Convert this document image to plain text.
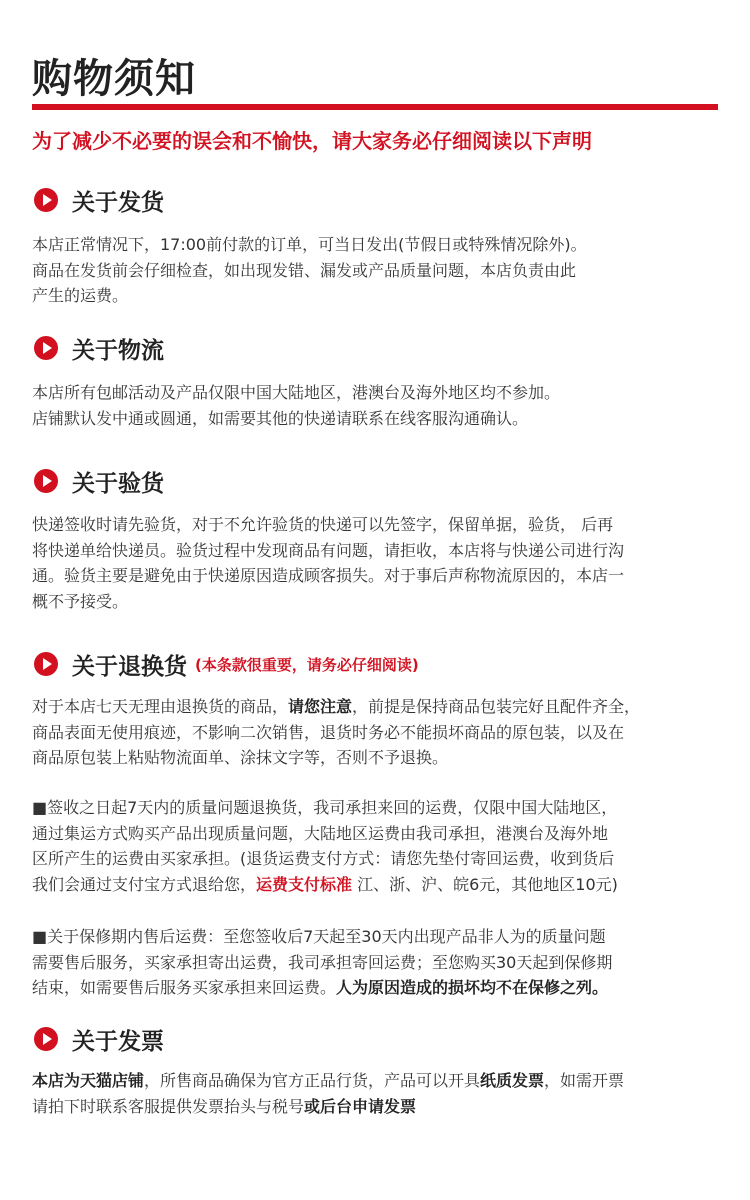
购物须知
为了减少不必要的误会和不愉快，请大家务必仔细阅读以下声明
关于发货
本店正常情况下，17:00前付款的订单，可当日发出(节假日或特殊情况除外)。
商品在发货前会仔细检查，如出现发错、漏发或产品质量问题，本店负责由此
产生的运费。
关于物流
本店所有包邮活动及产品仅限中国大陆地区，港澳台及海外地区均不参加。
店铺默认发中通或圆通，如需要其他的快递请联系在线客服沟通确认。
关于验货
快递签收时请先验货，对于不允许验货的快递可以先签字，保留单据，验货， 后再
将快递单给快递员。验货过程中发现商品有问题，请拒收，本店将与快递公司进行沟
通。验货主要是避免由于快递原因造成顾客损失。对于事后声称物流原因的，本店一
概不予接受。
关于退换货 (本条款很重要，请务必仔细阅读)
对于本店七天无理由退换货的商品，请您注意，前提是保持商品包装完好且配件齐全，
商品表面无使用痕迹，不影响二次销售，退货时务必不能损坏商品的原包装，以及在
商品原包装上粘贴物流面单、涂抹文字等，否则不予退换。
■签收之日起7天内的质量问题退换货，我司承担来回的运费，仅限中国大陆地区，
通过集运方式购买产品出现质量问题，大陆地区运费由我司承担，港澳台及海外地
区所产生的运费由买家承担。(退货运费支付方式：请您先垫付寄回运费，收到货后
我们会通过支付宝方式退给您，运费支付标准 江、浙、沪、皖6元，其他地区10元)
■关于保修期内售后运费：至您签收后7天起至30天内出现产品非人为的质量问题
需要售后服务，买家承担寄出运费，我司承担寄回运费；至您购买30天起到保修期
结束，如需要售后服务买家承担来回运费。人为原因造成的损坏均不在保修之列。
关于发票
本店为天猫店铺，所售商品确保为官方正品行货，产品可以开具纸质发票，如需开票
请拍下时联系客服提供发票抬头与税号或后台申请发票
